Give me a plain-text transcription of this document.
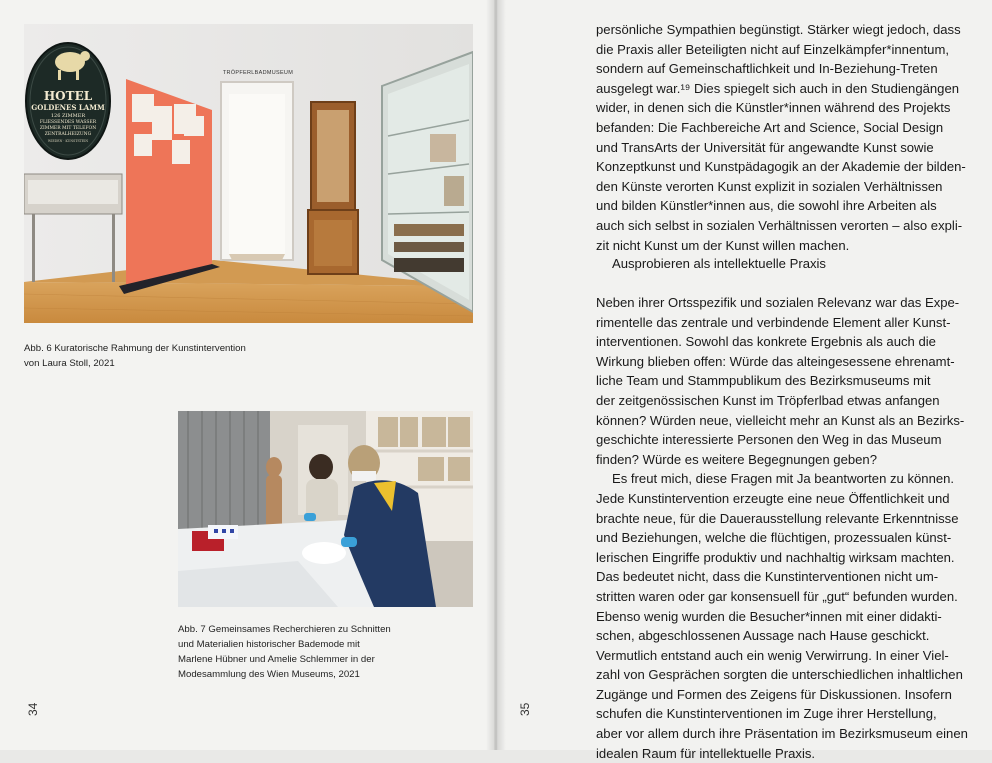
HOTEL
GOLDENES LAMM
126 ZIMMER
FLIESSENDES WASSER
ZIMMER MIT TELEFON
ZENTRALHEIZUNG
WIEDEN · KUNSTSTEIN
TRÖPFERLBADMUSEUM
Abb. 6 Kuratorische Rahmung der Kunstintervention
von Laura Stoll, 2021
Abb. 7 Gemeinsames Recherchieren zu Schnitten
und Materialien historischer Bademode mit
Marlene Hübner und Amelie Schlemmer in der
Modesammlung des Wien Museums, 2021
34
persönliche Sympathien begünstigt. Stärker wiegt jedoch, dass
die Praxis aller Beteiligten nicht auf Einzelkämpfer*innentum,
sondern auf Gemeinschaftlichkeit und In-Beziehung-Treten
ausgelegt war.¹⁹ Dies spiegelt sich auch in den Studiengängen
wider, in denen sich die Künstler*innen während des Projekts
befanden: Die Fachbereiche Art and Science, Social Design
und TransArts der Universität für angewandte Kunst sowie
Konzeptkunst und Kunstpädagogik an der Akademie der bilden-
den Künste verorten Kunst explizit in sozialen Verhältnissen
und bilden Künstler*innen aus, die sowohl ihre Arbeiten als
auch sich selbst in sozialen Verhältnissen verorten – also expli-
zit nicht Kunst um der Kunst willen machen.
Ausprobieren als intellektuelle Praxis
Neben ihrer Ortsspezifik und sozialen Relevanz war das Expe-
rimentelle das zentrale und verbindende Element aller Kunst-
interventionen. Sowohl das konkrete Ergebnis als auch die
Wirkung blieben offen: Würde das alteingesessene ehrenamt-
liche Team und Stammpublikum des Bezirksmuseums mit
der zeitgenössischen Kunst im Tröpferlbad etwas anfangen
können? Würden neue, vielleicht mehr an Kunst als an Bezirks-
geschichte interessierte Personen den Weg in das Museum
finden? Würde es weitere Begegnungen geben?
Es freut mich, diese Fragen mit Ja beantworten zu können.
Jede Kunstintervention erzeugte eine neue Öffentlichkeit und
brachte neue, für die Dauerausstellung relevante Erkenntnisse
und Beziehungen, welche die flüchtigen, prozessualen künst-
lerischen Eingriffe produktiv und nachhaltig wirksam machten.
Das bedeutet nicht, dass die Kunstinterventionen nicht um-
stritten waren oder gar konsensuell für „gut“ befunden wurden.
Ebenso wenig wurden die Besucher*innen mit einer didakti-
schen, abgeschlossenen Aussage nach Hause geschickt.
Vermutlich entstand auch ein wenig Verwirrung. In einer Viel-
zahl von Gesprächen sorgten die unterschiedlichen inhaltlichen
Zugänge und Formen des Zeigens für Diskussionen. Insofern
schufen die Kunstinterventionen im Zuge ihrer Herstellung,
aber vor allem durch ihre Präsentation im Bezirksmuseum einen
idealen Raum für intellektuelle Praxis.
35
